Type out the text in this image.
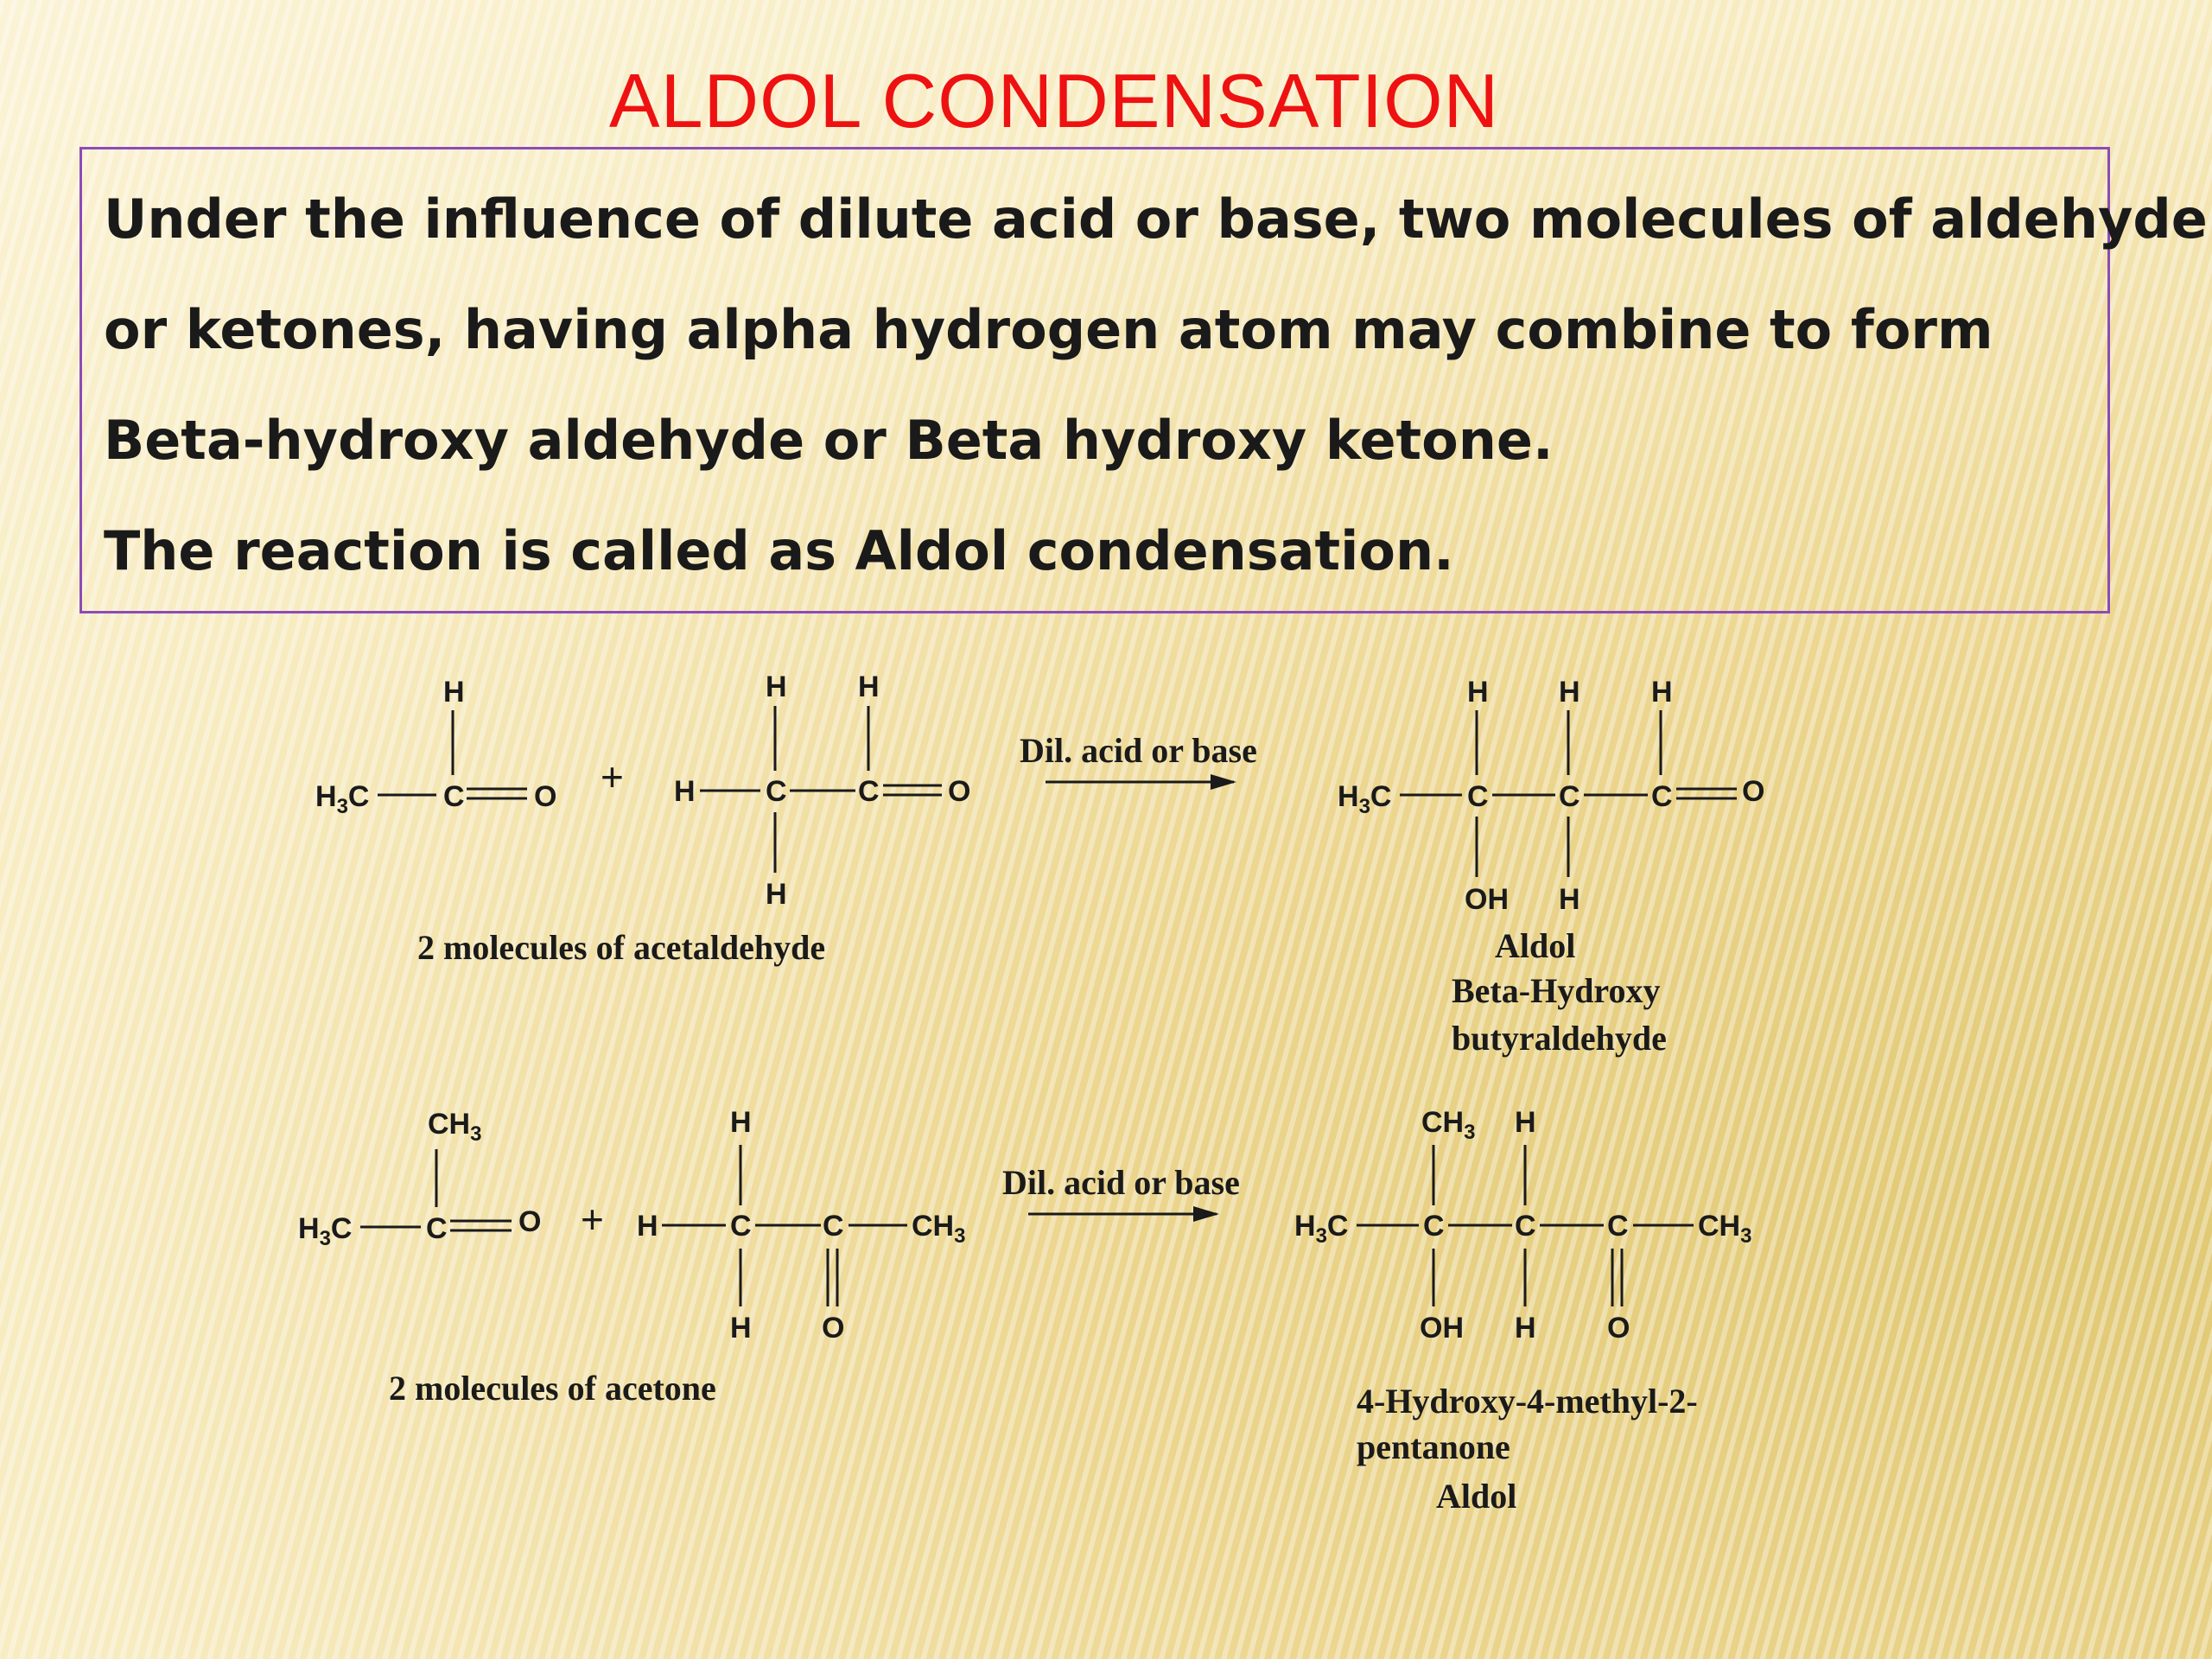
ALDOL CONDENSATION
Under the influence of dilute acid or base, two molecules of aldehyde
or ketones, having alpha hydrogen atom may combine to form
Beta-hydroxy aldehyde or Beta hydroxy ketone.
The reaction is called as Aldol condensation.
$H_3C$	C
H
O + H C
H
H
C
H
O
2 molecules of acetaldehyde
Dil. acid or base
$H_3C$	C
H
OH
C
H
H
C
H
O
Aldol
Beta-Hydroxy
butyraldehyde
$H_3C$	C
$CH_3$
O + H C
H
H
C
O
$CH_3$
2 molecules of acetone
Dil. acid or base
$H_3C$	C
$CH_3$
OH
C
H
H
C
O
$CH_3$
4-Hydroxy-4-methyl-2-
pentanone
Aldol
